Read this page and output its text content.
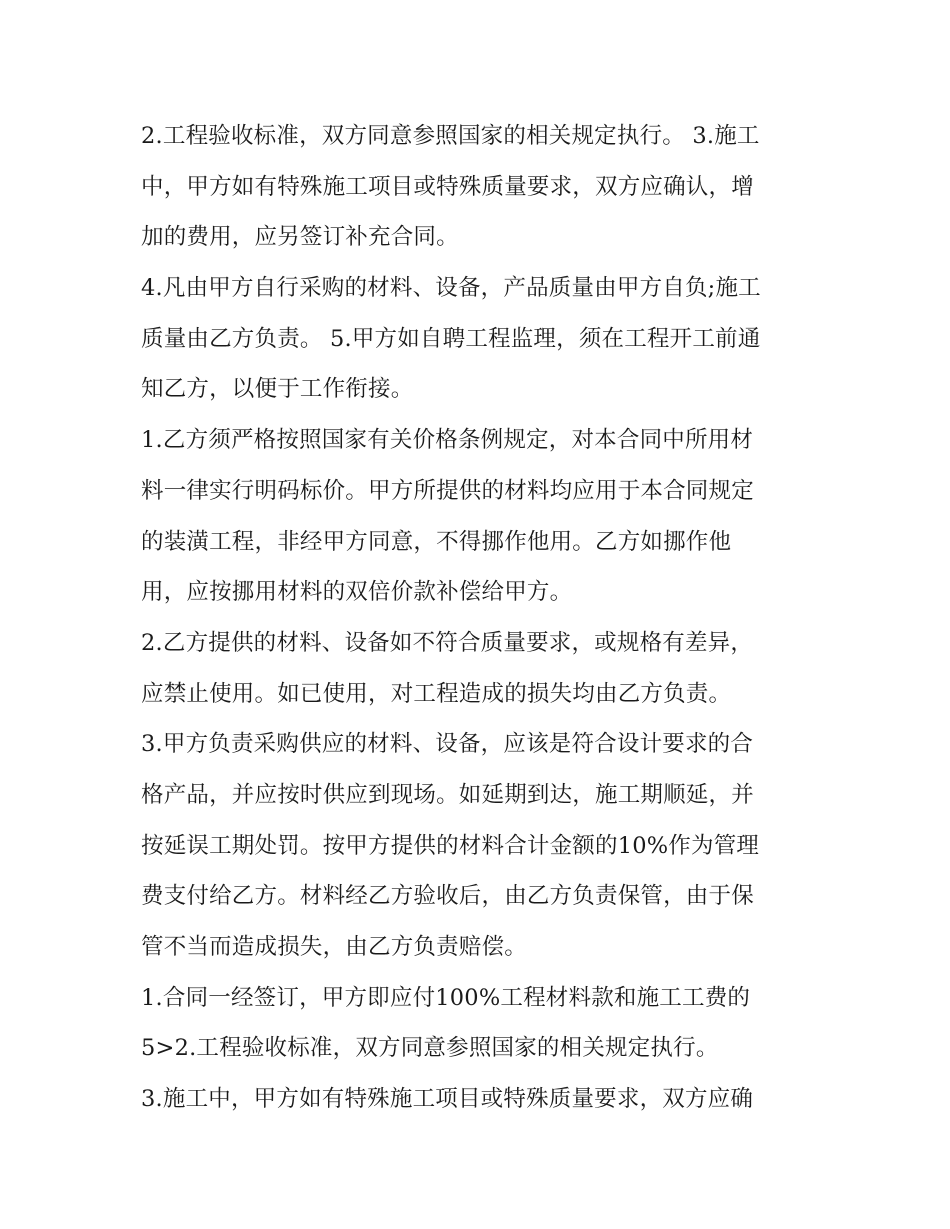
2.工程验收标准，双方同意参照国家的相关规定执行。 3.施工
中，甲方如有特殊施工项目或特殊质量要求，双方应确认，增
加的费用，应另签订补充合同。
4.凡由甲方自行采购的材料、设备，产品质量由甲方自负;施工
质量由乙方负责。 5.甲方如自聘工程监理，须在工程开工前通
知乙方，以便于工作衔接。
1.乙方须严格按照国家有关价格条例规定，对本合同中所用材
料一律实行明码标价。甲方所提供的材料均应用于本合同规定
的装潢工程，非经甲方同意，不得挪作他用。乙方如挪作他
用，应按挪用材料的双倍价款补偿给甲方。
2.乙方提供的材料、设备如不符合质量要求，或规格有差异，
应禁止使用。如已使用，对工程造成的损失均由乙方负责。
3.甲方负责采购供应的材料、设备，应该是符合设计要求的合
格产品，并应按时供应到现场。如延期到达，施工期顺延，并
按延误工期处罚。按甲方提供的材料合计金额的10%作为管理
费支付给乙方。材料经乙方验收后，由乙方负责保管，由于保
管不当而造成损失，由乙方负责赔偿。
1.合同一经签订，甲方即应付100%工程材料款和施工工费的
5>2.工程验收标准，双方同意参照国家的相关规定执行。
3.施工中，甲方如有特殊施工项目或特殊质量要求，双方应确
